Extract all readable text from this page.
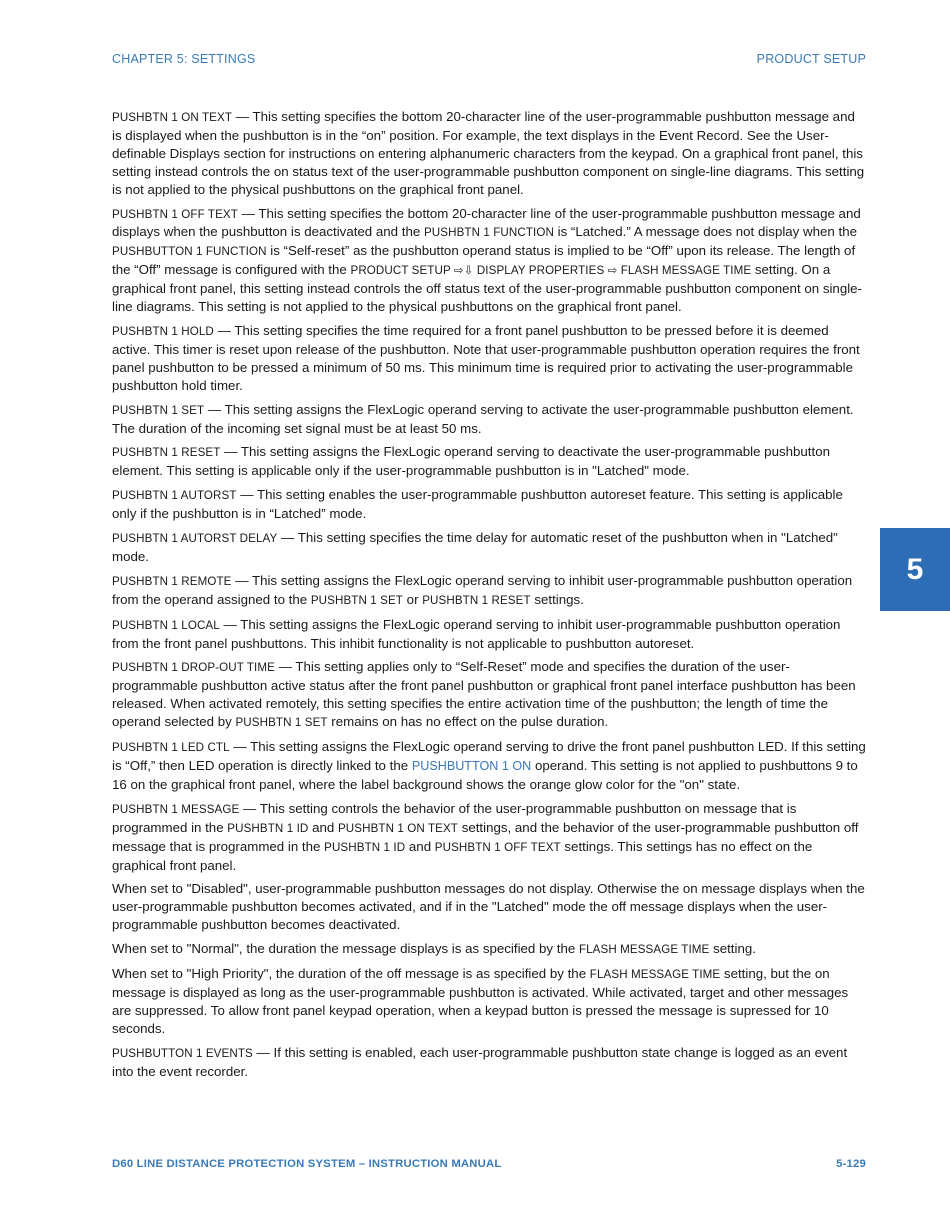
CHAPTER 5: SETTINGS	PRODUCT SETUP

PUSHBTN 1 ON TEXT — This setting specifies the bottom 20-character line of the user-programmable pushbutton message and is displayed when the pushbutton is in the “on” position. For example, the text displays in the Event Record. See the User-definable Displays section for instructions on entering alphanumeric characters from the keypad. On a graphical front panel, this setting instead controls the on status text of the user-programmable pushbutton component on single-line diagrams. This setting is not applied to the physical pushbuttons on the graphical front panel.

PUSHBTN 1 OFF TEXT — This setting specifies the bottom 20-character line of the user-programmable pushbutton message and displays when the pushbutton is deactivated and the PUSHBTN 1 FUNCTION is “Latched.” A message does not display when the PUSHBUTTON 1 FUNCTION is “Self-reset” as the pushbutton operand status is implied to be “Off” upon its release. The length of the “Off” message is configured with the PRODUCT SETUP ⇨⇩ DISPLAY PROPERTIES ⇨ FLASH MESSAGE TIME setting. On a graphical front panel, this setting instead controls the off status text of the user-programmable pushbutton component on single-line diagrams. This setting is not applied to the physical pushbuttons on the graphical front panel.

PUSHBTN 1 HOLD — This setting specifies the time required for a front panel pushbutton to be pressed before it is deemed active. This timer is reset upon release of the pushbutton. Note that user-programmable pushbutton operation requires the front panel pushbutton to be pressed a minimum of 50 ms. This minimum time is required prior to activating the user-programmable pushbutton hold timer.

PUSHBTN 1 SET — This setting assigns the FlexLogic operand serving to activate the user-programmable pushbutton element. The duration of the incoming set signal must be at least 50 ms.

PUSHBTN 1 RESET — This setting assigns the FlexLogic operand serving to deactivate the user-programmable pushbutton element. This setting is applicable only if the user-programmable pushbutton is in "Latched" mode.

PUSHBTN 1 AUTORST — This setting enables the user-programmable pushbutton autoreset feature. This setting is applicable only if the pushbutton is in “Latched” mode.

PUSHBTN 1 AUTORST DELAY — This setting specifies the time delay for automatic reset of the pushbutton when in "Latched" mode.

PUSHBTN 1 REMOTE — This setting assigns the FlexLogic operand serving to inhibit user-programmable pushbutton operation from the operand assigned to the PUSHBTN 1 SET or PUSHBTN 1 RESET settings.

PUSHBTN 1 LOCAL — This setting assigns the FlexLogic operand serving to inhibit user-programmable pushbutton operation from the front panel pushbuttons. This inhibit functionality is not applicable to pushbutton autoreset.

PUSHBTN 1 DROP-OUT TIME — This setting applies only to “Self-Reset” mode and specifies the duration of the user-programmable pushbutton active status after the front panel pushbutton or graphical front panel interface pushbutton has been released. When activated remotely, this setting specifies the entire activation time of the pushbutton; the length of time the operand selected by PUSHBTN 1 SET remains on has no effect on the pulse duration.

PUSHBTN 1 LED CTL — This setting assigns the FlexLogic operand serving to drive the front panel pushbutton LED. If this setting is “Off,” then LED operation is directly linked to the PUSHBUTTON 1 ON operand. This setting is not applied to pushbuttons 9 to 16 on the graphical front panel, where the label background shows the orange glow color for the "on" state.

PUSHBTN 1 MESSAGE — This setting controls the behavior of the user-programmable pushbutton on message that is programmed in the PUSHBTN 1 ID and PUSHBTN 1 ON TEXT settings, and the behavior of the user-programmable pushbutton off message that is programmed in the PUSHBTN 1 ID and PUSHBTN 1 OFF TEXT settings. This settings has no effect on the graphical front panel.

When set to "Disabled", user-programmable pushbutton messages do not display. Otherwise the on message displays when the user-programmable pushbutton becomes activated, and if in the "Latched" mode the off message displays when the user-programmable pushbutton becomes deactivated.

When set to "Normal", the duration the message displays is as specified by the FLASH MESSAGE TIME setting.

When set to "High Priority", the duration of the off message is as specified by the FLASH MESSAGE TIME setting, but the on message is displayed as long as the user-programmable pushbutton is activated. While activated, target and other messages are suppressed. To allow front panel keypad operation, when a keypad button is pressed the message is supressed for 10 seconds.

PUSHBUTTON 1 EVENTS — If this setting is enabled, each user-programmable pushbutton state change is logged as an event into the event recorder.

5
D60 LINE DISTANCE PROTECTION SYSTEM – INSTRUCTION MANUAL	5-129
